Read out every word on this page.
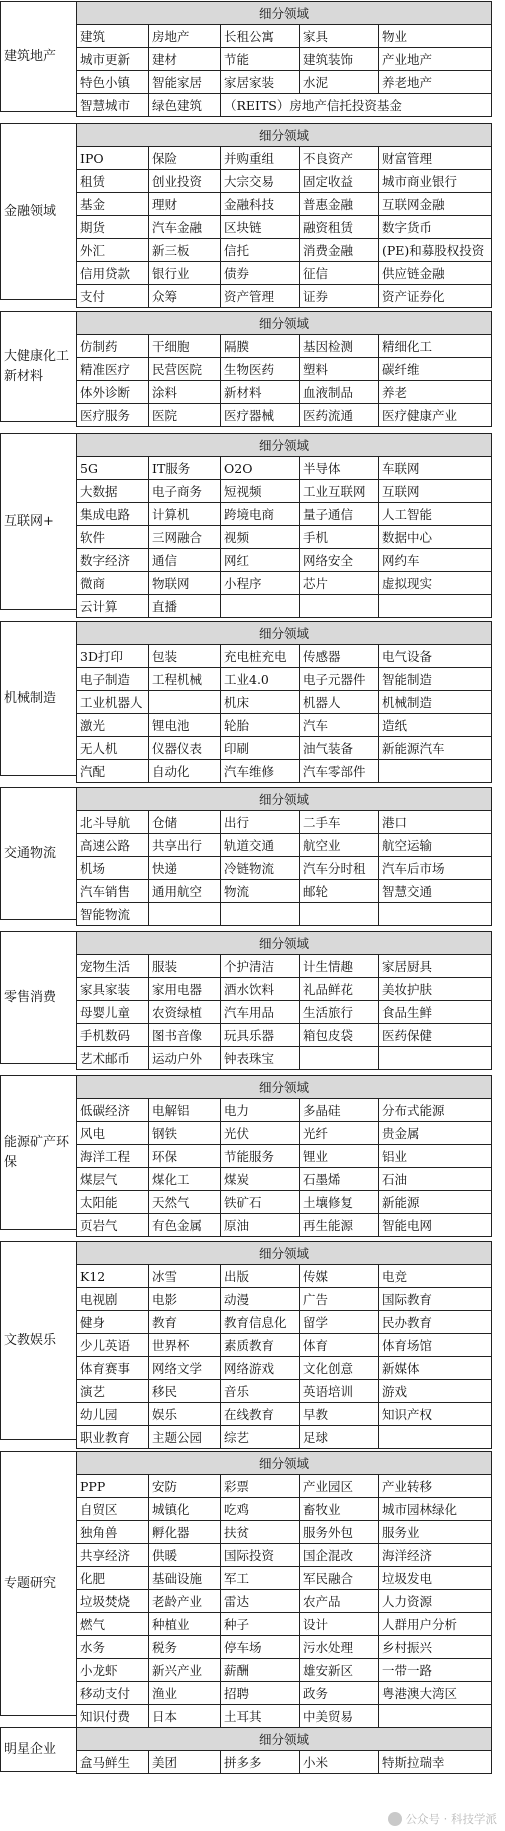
建筑地产
细分领域				
建筑	房地产	长租公寓	家具	物业
城市更新	建材	节能	建筑装饰	产业地产
特色小镇	智能家居	家居家装	水泥	养老地产
智慧城市	绿色建筑	（REITS）房地产信托投资基金		
金融领域
细分领域				
IPO	保险	并购重组	不良资产	财富管理
租赁	创业投资	大宗交易	固定收益	城市商业银行
基金	理财	金融科技	普惠金融	互联网金融
期货	汽车金融	区块链	融资租赁	数字货币
外汇	新三板	信托	消费金融	(PE)和募股权投资
信用贷款	银行业	债券	征信	供应链金融
支付	众筹	资产管理	证券	资产证券化
大健康化工新材料
细分领域				
仿制药	干细胞	隔膜	基因检测	精细化工
精准医疗	民营医院	生物医药	塑料	碳纤维
体外诊断	涂料	新材料	血液制品	养老
医疗服务	医院	医疗器械	医药流通	医疗健康产业
互联网+
细分领域				
5G	IT服务	O2O	半导体	车联网
大数据	电子商务	短视频	工业互联网	互联网
集成电路	计算机	跨境电商	量子通信	人工智能
软件	三网融合	视频	手机	数据中心
数字经济	通信	网红	网络安全	网约车
微商	物联网	小程序	芯片	虚拟现实
云计算	直播			
机械制造
细分领域				
3D打印	包装	充电桩充电	传感器	电气设备
电子制造	工程机械	工业4.0	电子元器件	智能制造
工业机器人		机床	机器人	机械制造
激光	锂电池	轮胎	汽车	造纸
无人机	仪器仪表	印刷	油气装备	新能源汽车
汽配	自动化	汽车维修	汽车零部件	
交通物流
细分领域				
北斗导航	仓储	出行	二手车	港口
高速公路	共享出行	轨道交通	航空业	航空运输
机场	快递	冷链物流	汽车分时租	汽车后市场
汽车销售	通用航空	物流	邮轮	智慧交通
智能物流				
零售消费
细分领域				
宠物生活	服装	个护清洁	计生情趣	家居厨具
家具家装	家用电器	酒水饮料	礼品鲜花	美妆护肤
母婴儿童	农资绿植	汽车用品	生活旅行	食品生鲜
手机数码	图书音像	玩具乐器	箱包皮袋	医药保健
艺术邮币	运动户外	钟表珠宝		
能源矿产环保
细分领域				
低碳经济	电解铝	电力	多晶硅	分布式能源
风电	钢铁	光伏	光纤	贵金属
海洋工程	环保	节能服务	锂业	铝业
煤层气	煤化工	煤炭	石墨烯	石油
太阳能	天然气	铁矿石	土壤修复	新能源
页岩气	有色金属	原油	再生能源	智能电网
文教娱乐
细分领域				
K12	冰雪	出版	传媒	电竞
电视剧	电影	动漫	广告	国际教育
健身	教育	教育信息化	留学	民办教育
少儿英语	世界杯	素质教育	体育	体育场馆
体育赛事	网络文学	网络游戏	文化创意	新媒体
演艺	移民	音乐	英语培训	游戏
幼儿园	娱乐	在线教育	早教	知识产权
职业教育	主题公园	综艺	足球	
专题研究
细分领域				
PPP	安防	彩票	产业园区	产业转移
自贸区	城镇化	吃鸡	畜牧业	城市园林绿化
独角兽	孵化器	扶贫	服务外包	服务业
共享经济	供暖	国际投资	国企混改	海洋经济
化肥	基础设施	军工	军民融合	垃圾发电
垃圾焚烧	老龄产业	雷达	农产品	人力资源
燃气	种植业	种子	设计	人群用户分析
水务	税务	停车场	污水处理	乡村振兴
小龙虾	新兴产业	薪酬	雄安新区	一带一路
移动支付	渔业	招聘	政务	粤港澳大湾区
知识付费	日本	土耳其	中美贸易	
明星企业
细分领域
盒马鲜生	美团	拼多多	小米	特斯拉瑞幸
公众号 · 科技学派
